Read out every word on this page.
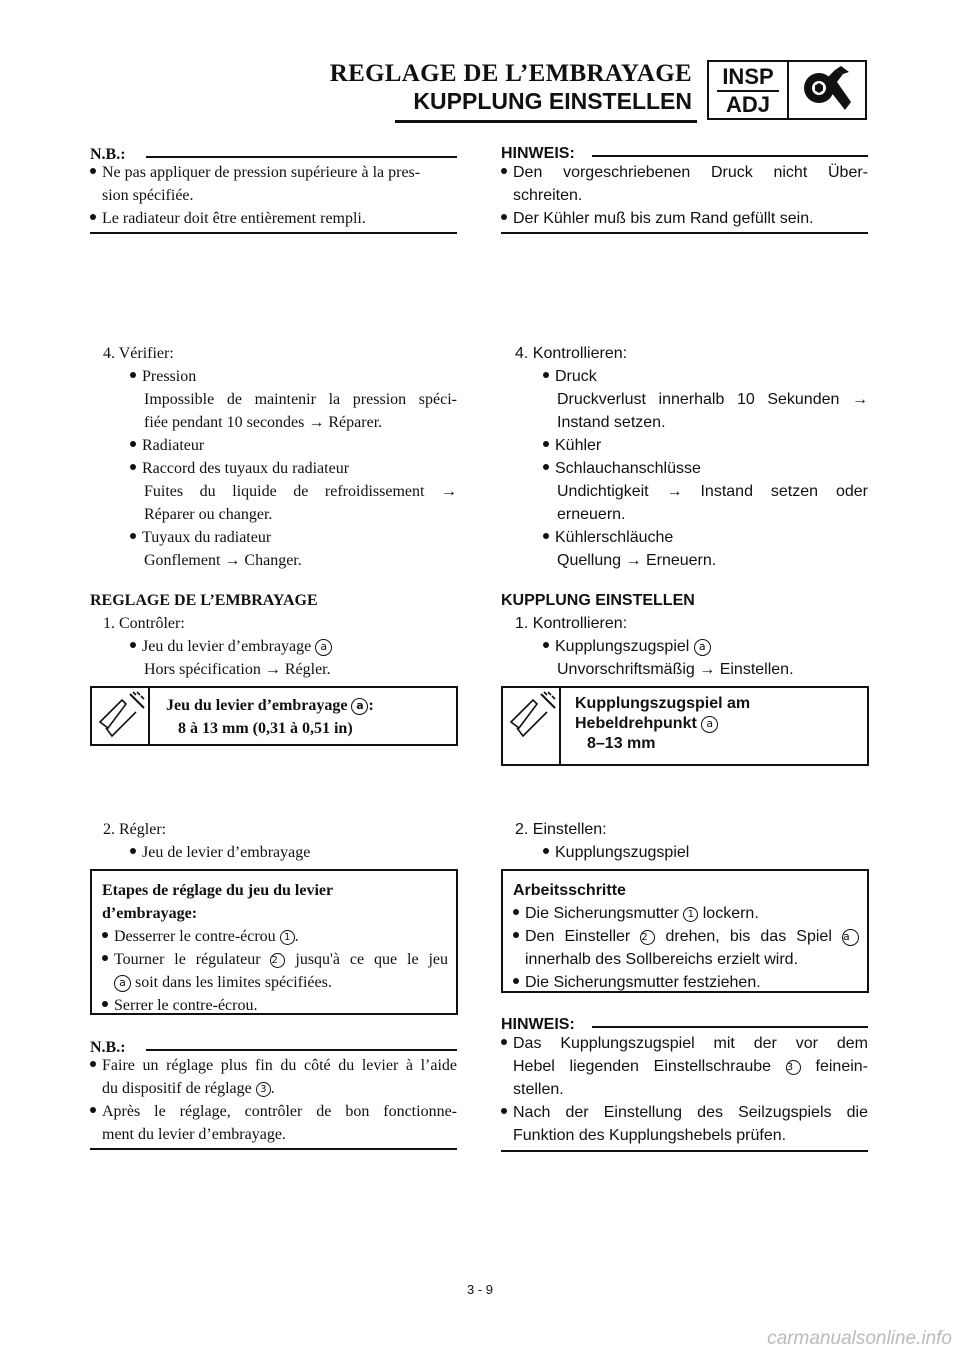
REGLAGE DE L’EMBRAYAGE
KUPPLUNG EINSTELLEN
INSP
ADJ
N.B.:
Ne pas appliquer de pression supérieure à la pres-
sion spécifiée.
Le radiateur doit être entièrement rempli.
4. Vérifier:
Pression
Impossible de maintenir la pression spéci-
fiée pendant 10 secondes → Réparer.
Radiateur
Raccord des tuyaux du radiateur
Fuites du liquide de refroidissement →
Réparer ou changer.
Tuyaux du radiateur
Gonflement → Changer.
REGLAGE DE L’EMBRAYAGE
1. Contrôler:
Jeu du levier d’embrayage a
Hors spécification → Régler.
Jeu du levier d’embrayage a :
8 à 13 mm (0,31 à 0,51 in)
2. Régler:
Jeu de levier d’embrayage
Etapes de réglage du jeu du levier
d’embrayage:
Desserrer le contre-écrou 1 .
Tourner le régulateur 2 jusqu'à ce que le jeu
a soit dans les limites spécifiées.
Serrer le contre-écrou.
N.B.:
Faire un réglage plus fin du côté du levier à l’aide
du dispositif de réglage 3 .
Après le réglage, contrôler de bon fonctionne-
ment du levier d’embrayage.
HINWEIS:
Den vorgeschriebenen Druck nicht Über-
schreiten.
Der Kühler muß bis zum Rand gefüllt sein.
4. Kontrollieren:
Druck
Druckverlust innerhalb 10 Sekunden →
Instand setzen.
Kühler
Schlauchanschlüsse
Undichtigkeit → Instand setzen oder
erneuern.
Kühlerschläuche
Quellung → Erneuern.
KUPPLUNG EINSTELLEN
1. Kontrollieren:
Kupplungszugspiel a
Unvorschriftsmäßig → Einstellen.
Kupplungszugspiel am
Hebeldrehpunkt a
8–13 mm
2. Einstellen:
Kupplungszugspiel
Arbeitsschritte
Die Sicherungsmutter 1 lockern.
Den Einsteller 2 drehen, bis das Spiel a
innerhalb des Sollbereichs erzielt wird.
Die Sicherungsmutter festziehen.
HINWEIS:
Das Kupplungszugspiel mit der vor dem
Hebel liegenden Einstellschraube 3 feinein-
stellen.
Nach der Einstellung des Seilzugspiels die
Funktion des Kupplungshebels prüfen.
3 - 9
carmanualsonline.info
